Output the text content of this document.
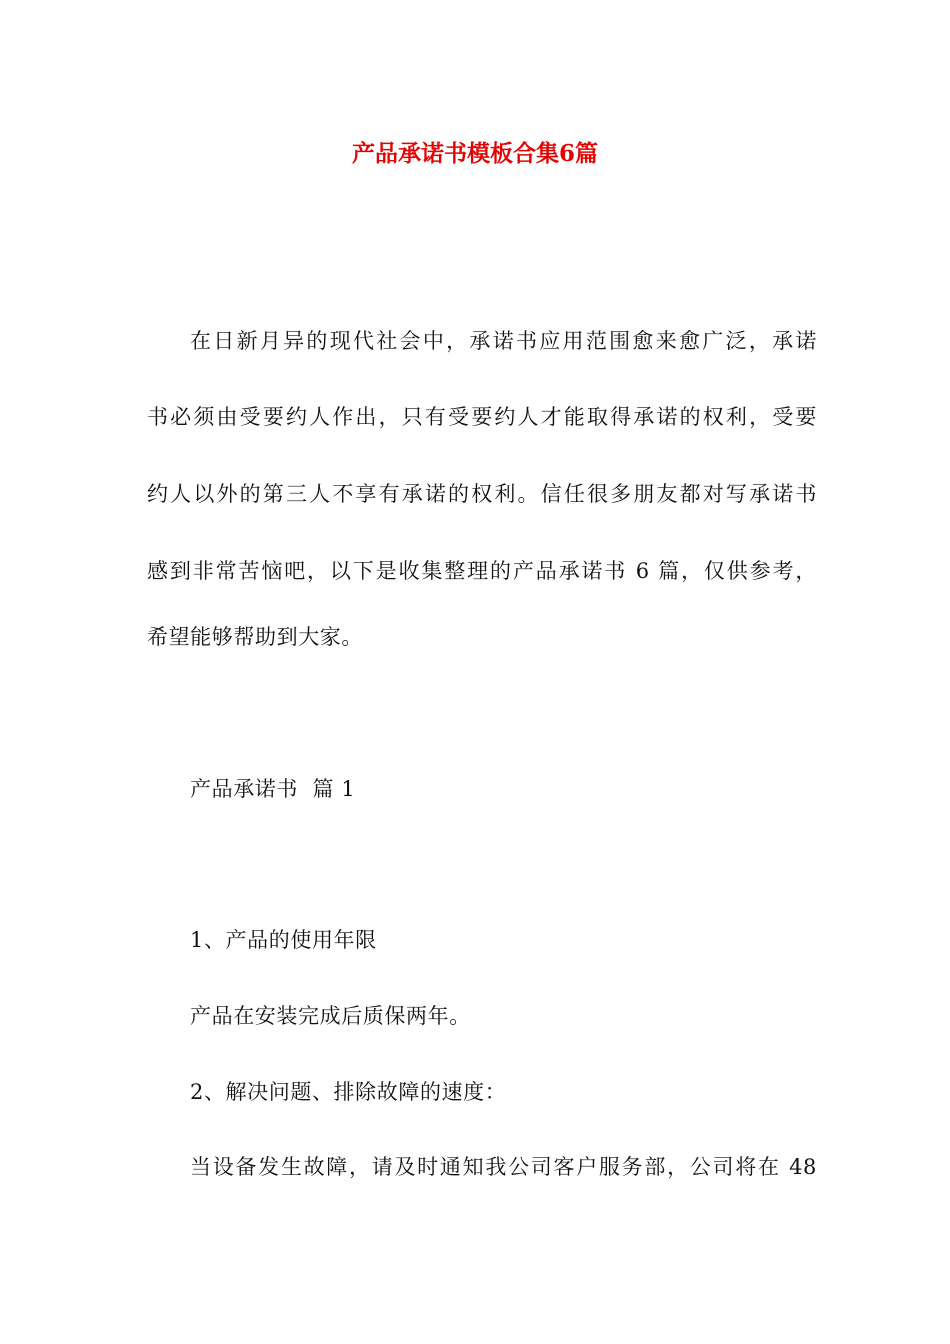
产品承诺书模板合集6篇
在日新月异的现代社会中，承诺书应用范围愈来愈广泛，承诺
书必须由受要约人作出，只有受要约人才能取得承诺的权利，受要
约人以外的第三人不享有承诺的权利。信任很多朋友都对写承诺书
感到非常苦恼吧，以下是收集整理的产品承诺书 6 篇，仅供参考，
希望能够帮助到大家。
产品承诺书  篇 1
1、产品的使用年限
产品在安装完成后质保两年。
2、解决问题、排除故障的速度：
当设备发生故障，请及时通知我公司客户服务部，公司将在 48
